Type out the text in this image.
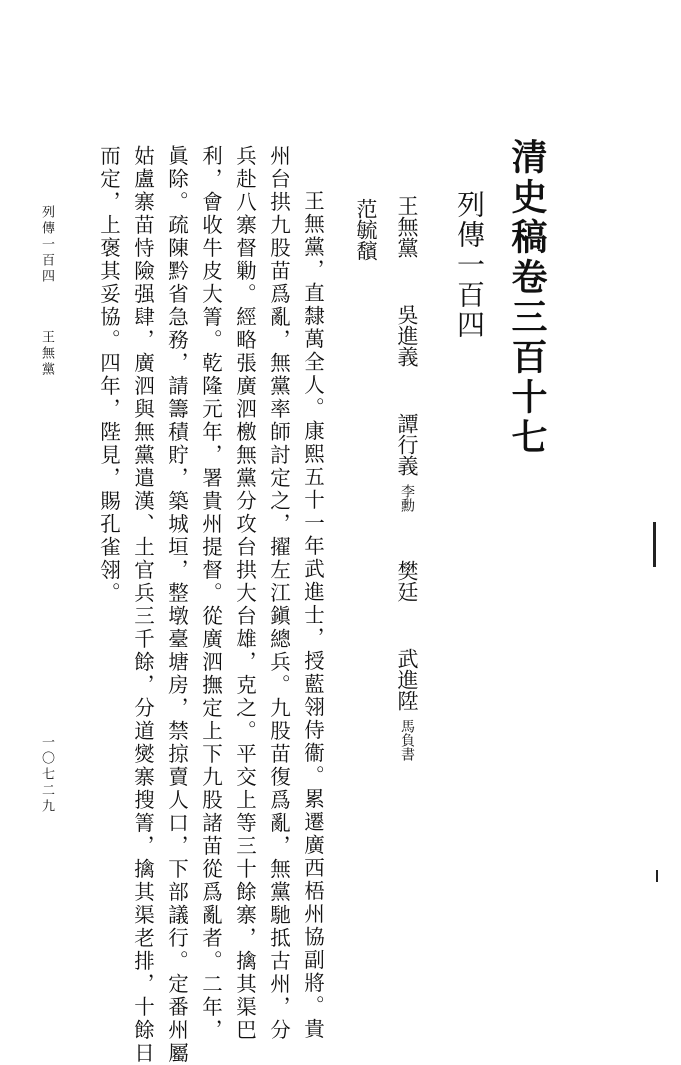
清史稿卷三百十七
列傳一百四
王無黨 吳進義 譚行義李勳 樊廷 武進陞馬負書
范毓馪
王無黨，直隸萬全人。康熙五十一年武進士，授藍翎侍衞。累遷廣西梧州協副將。貴
州台拱九股苗爲亂，無黨率師討定之，擢左江鎭總兵。九股苗復爲亂，無黨馳抵古州，分
兵赴八寨督勦。經略張廣泗檄無黨分攻台拱大台雄，克之。平交上等三十餘寨，擒其渠巴
利，會收牛皮大箐。乾隆元年，署貴州提督。從廣泗撫定上下九股諸苗從爲亂者。二年，
眞除。疏陳黔省急務，請籌積貯，築城垣，整墩臺塘房，禁掠賣人口，下部議行。定番州屬
姑盧寨苗恃險强肆，廣泗與無黨遣漢、土官兵三千餘，分道爕寨搜箐，擒其渠老排，十餘日
而定，上褒其妥協。四年，陛見，賜孔雀翎。
列傳一百四
王無黨
一〇七二九
